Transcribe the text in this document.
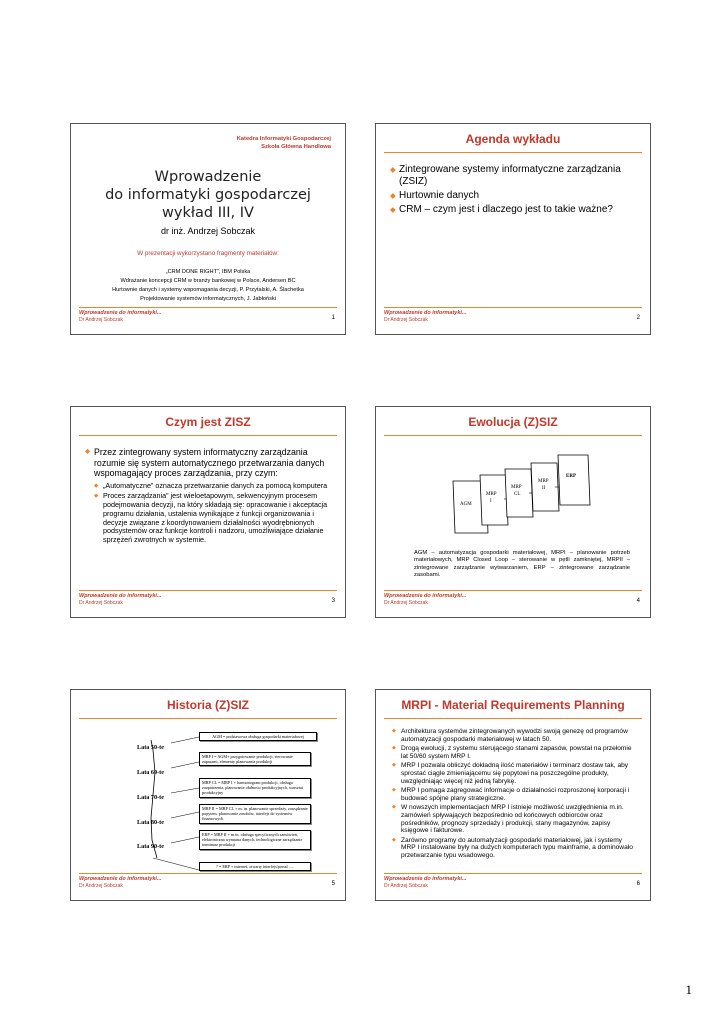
Katedra Informatyki Gospodarczej
Szkoła Główna Handlowa
Wprowadzenie
do informatyki gospodarczej
wykład III, IV
dr inż. Andrzej Sobczak
W prezentacji wykorzystano fragmenty materiałów:
„CRM DONE RIGHT”, IBM Polska
Wdrażanie koncepcji CRM w branży bankowej w Polsce, Andersen BC
Hurtownie danych i systemy wspomagania decyzji, P. Przytalski, A. Ślachetka
Projektowanie systemów informatycznych, J. Jabłoński
Wprowadzenie do informatyki...
Dr Andrzej Sobczak	1
Agenda wykładu
◆ Zintegrowane systemy informatyczne zarządzania (ZSIZ)
◆ Hurtownie danych
◆ CRM – czym jest i dlaczego jest to takie ważne?
Wprowadzenie do informatyki...
Dr Andrzej Sobczak	2
Czym jest ZISZ
◆ Przez zintegrowany system informatyczny zarządzania rozumie się system automatycznego przetwarzania danych wspomagający proces zarządzania, przy czym:
◆ „Automatyczne” oznacza przetwarzanie danych za pomocą komputera
◆ Proces zarządzania” jest wieloetapowym, sekwencyjnym procesem podejmowania decyzji, na który składają się: opracowanie i akceptacja programu działania, ustalenia wynikające z funkcji organizowania i decyzje związane z koordynowaniem działalności wyodrębnionych podsystemów oraz funkcje kontroli i nadzoru, umożliwiające działanie sprzężeń zwrotnych w systemie.
Wprowadzenie do informatyki...
Dr Andrzej Sobczak	3
Ewolucja (Z)SIZ
AGM
MRP
I
MRP
CL
MRP
II
ERP
AGM – automatyzacja gospodarki materiałowej, MRPI – planowanie potrzeb materiałowych, MRP Closed Loop – sterowanie w pętli zamkniętej, MRPII – zintegrowane zarządzanie wytwarzaniem, ERP – zintegrowane zarządzanie zasobami.
Wprowadzenie do informatyki...
Dr Andrzej Sobczak	4
Historia (Z)SIZ
Lata 50-te
Lata 60-te
Lata 70-te
Lata 80-te
Lata 90-te
AGM = podstawowa obsługa gospodarki materiałowej
MRP I = AGM+ przygotowanie produkcji, sterowanie zapasami, elementy planowania produkcji
MRP CL = MRP I + harmonogram produkcji, obsługa zaopatrzenia, planowanie obdności produkcyjnych, warsztat produkcyjny
MRP II = MRP CL + m. in. planowanie sprzedaży, zarządzanie popytem, planowanie zasobów, interfejs do systemów finansowych
ERP = MRP II + m.in. obsługa specyficznych zamówień, elektroniczna wymiana danych, technologiczne zarządzanie terminarz produkcji
? = ERP + internet, otwarty interfejs/portal .....
Wprowadzenie do informatyki...
Dr Andrzej Sobczak	5
MRPI - Material Requirements Planning
◆ Architektura systemów zintegrowanych wywodzi swoją genezę od programów automatyzacji gospodarki materiałowej w latach 50.
◆ Drogą ewolucji, z systemu sterującego stanami zapasów, powstał na przełomie lat 50/60 system MRP I.
◆ MRP I pozwala obliczyć dokładną ilość materiałów i terminarz dostaw tak, aby sprostać ciągle zmieniającemu się popytowi na poszczególne produkty, uwzględniając więcej niż jedną fabrykę.
◆ MRP I pomaga zagregować informacje o działalności rozproszonej korporacji i budować spójne plany strategiczne.
◆ W nowszych implementacjach MRP I istnieje możliwość uwzględnienia m.in. zamówień spływających bezpośrednio od końcowych odbiorców oraz pośredników, prognozy sprzedaży i produkcji, stany magazynów, zapisy księgowe i fakturowe.
◆ Zarówno programy do automatyzacji gospodarki materiałowej, jak i systemy MRP I instalowane były na dużych komputerach typu mainframe, a dominowało przetwarzanie typu wsadowego.
Wprowadzenie do informatyki...
Dr Andrzej Sobczak	6
1
